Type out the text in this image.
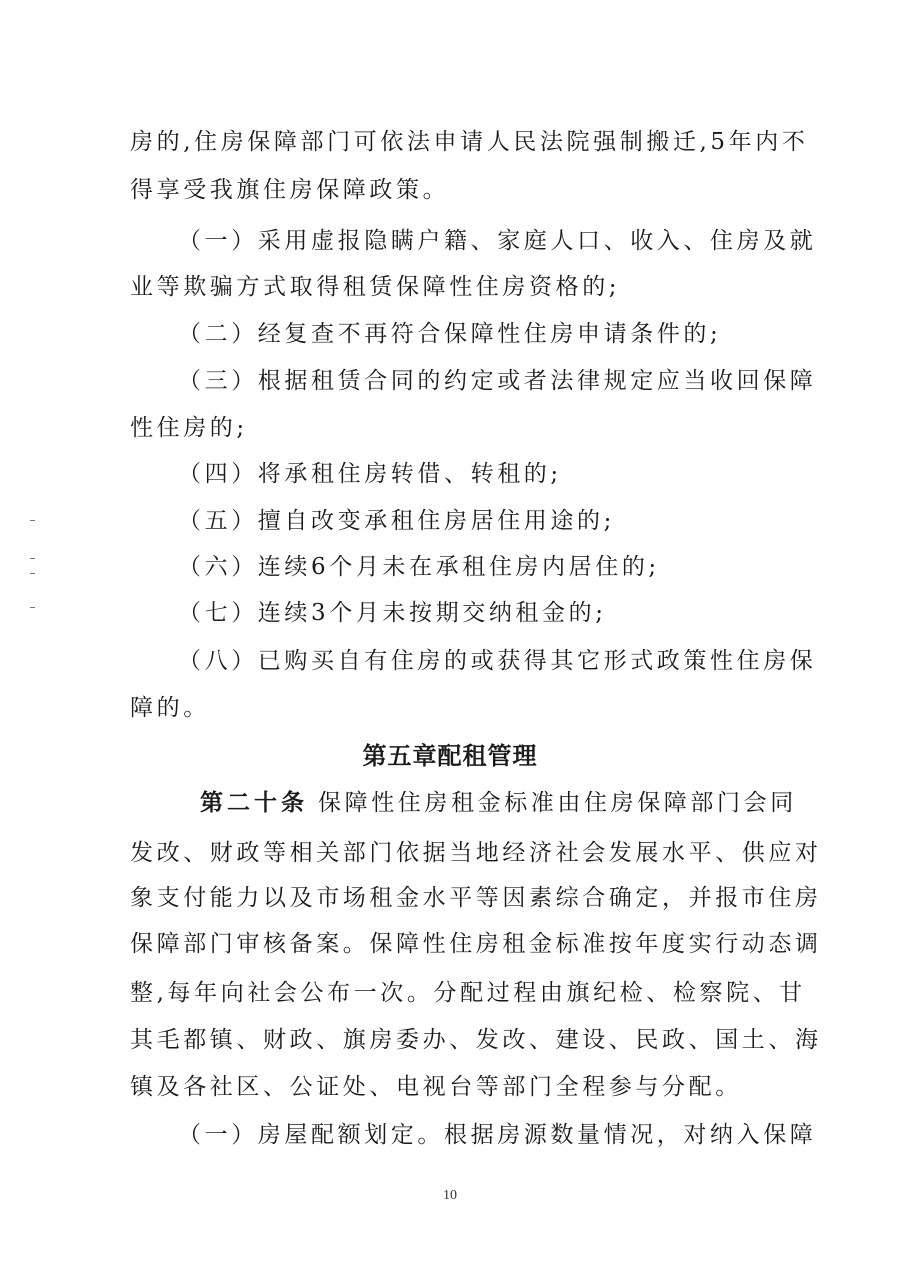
房的,住房保障部门可依法申请人民法院强制搬迁,5年内不
得享受我旗住房保障政策。
（一）采用虚报隐瞒户籍、家庭人口、收入、住房及就
业等欺骗方式取得租赁保障性住房资格的;
（二）经复查不再符合保障性住房申请条件的;
（三）根据租赁合同的约定或者法律规定应当收回保障
性住房的;
（四）将承租住房转借、转租的;
（五）擅自改变承租住房居住用途的;
（六）连续6个月未在承租住房内居住的;
（七）连续3个月未按期交纳租金的;
（八）已购买自有住房的或获得其它形式政策性住房保
障的。
第五章配租管理
第二十条 保障性住房租金标准由住房保障部门会同
发改、财政等相关部门依据当地经济社会发展水平、供应对
象支付能力以及市场租金水平等因素综合确定，并报市住房
保障部门审核备案。保障性住房租金标准按年度实行动态调
整,每年向社会公布一次。分配过程由旗纪检、检察院、甘
其毛都镇、财政、旗房委办、发改、建设、民政、国土、海
镇及各社区、公证处、电视台等部门全程参与分配。
（一）房屋配额划定。根据房源数量情况，对纳入保障
10
